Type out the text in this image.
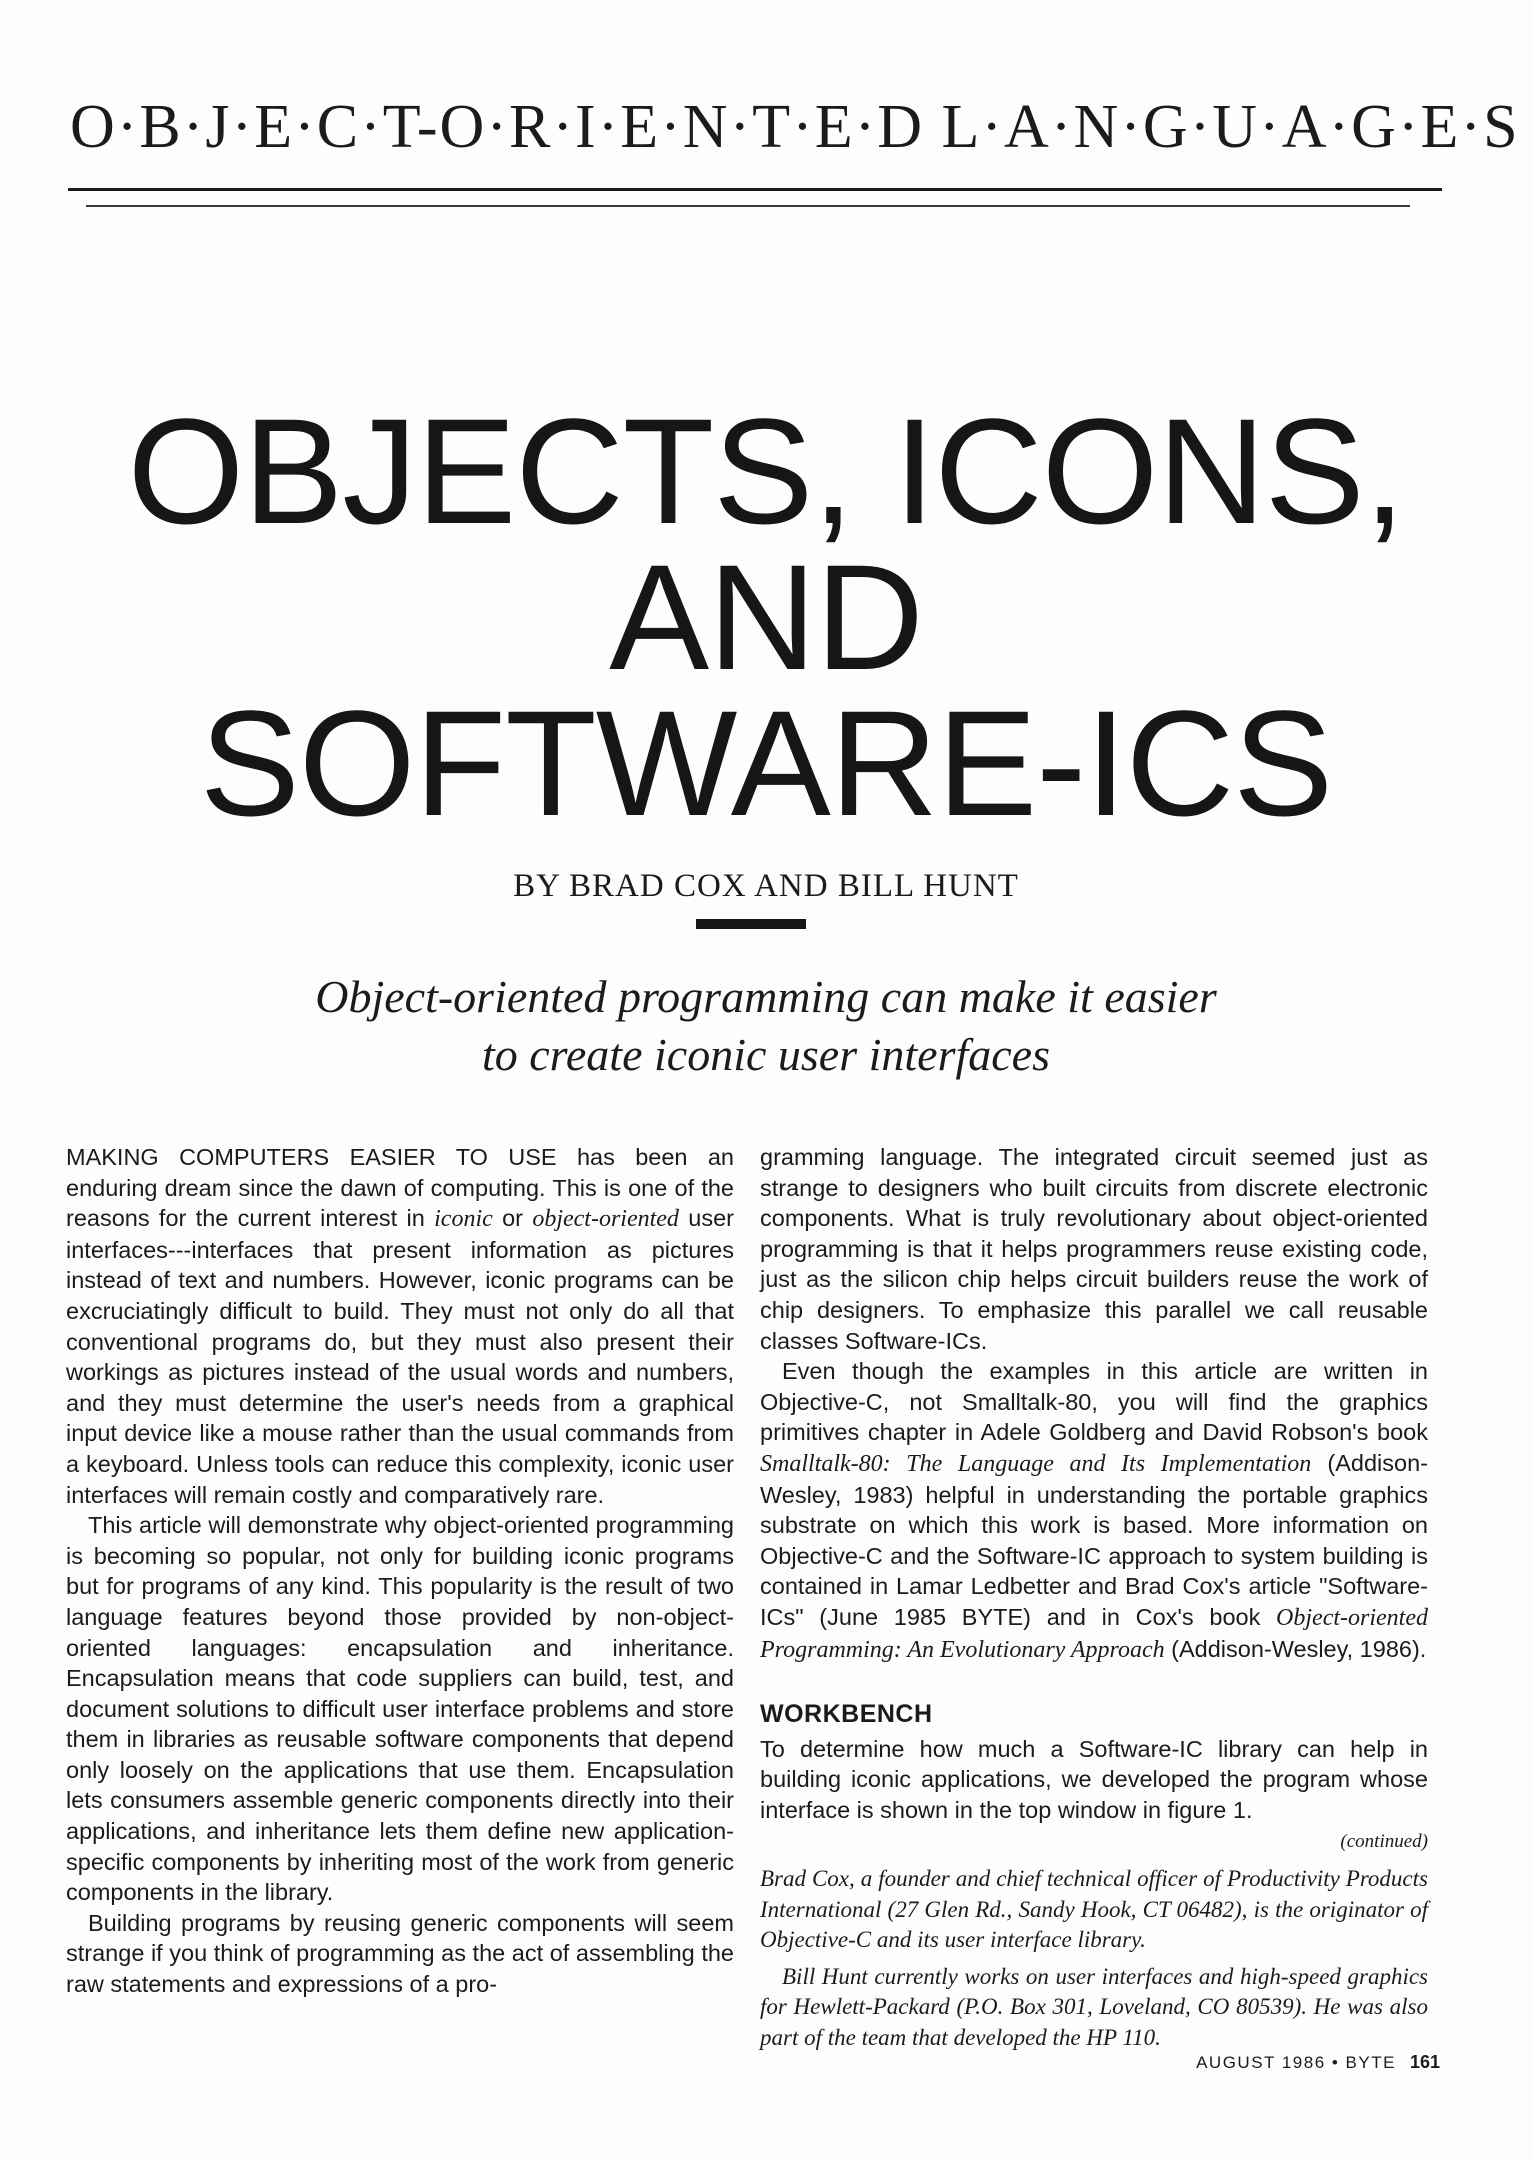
O·B·J·E·C·T-O·R·I·E·N·T·E·D L·A·N·G·U·A·G·E·S
OBJECTS, ICONS,
AND
SOFTWARE-ICS
BY BRAD COX AND BILL HUNT
Object-oriented programming can make it easier
to create iconic user interfaces

MAKING COMPUTERS EASIER TO USE has been an enduring dream since the dawn of computing. This is one of the reasons for the current interest in iconic or object-oriented user interfaces---interfaces that present information as pictures instead of text and numbers. However, iconic programs can be excruciatingly difficult to build. They must not only do all that conventional programs do, but they must also present their workings as pictures instead of the usual words and numbers, and they must determine the user's needs from a graphical input device like a mouse rather than the usual commands from a keyboard. Unless tools can reduce this complexity, iconic user interfaces will remain costly and comparatively rare.

This article will demonstrate why object-oriented programming is becoming so popular, not only for building iconic programs but for programs of any kind. This popularity is the result of two language features beyond those provided by non-object-oriented languages: encapsulation and inheritance. Encapsulation means that code suppliers can build, test, and document solutions to difficult user interface problems and store them in libraries as reusable software components that depend only loosely on the applications that use them. Encapsulation lets consumers assemble generic components directly into their applications, and inheritance lets them define new application-specific components by inheriting most of the work from generic components in the library.

Building programs by reusing generic components will seem strange if you think of programming as the act of assembling the raw statements and expressions of a pro-

gramming language. The integrated circuit seemed just as strange to designers who built circuits from discrete electronic components. What is truly revolutionary about object-oriented programming is that it helps programmers reuse existing code, just as the silicon chip helps circuit builders reuse the work of chip designers. To emphasize this parallel we call reusable classes Software-ICs.

Even though the examples in this article are written in Objective-C, not Smalltalk-80, you will find the graphics primitives chapter in Adele Goldberg and David Robson's book Smalltalk-80: The Language and Its Implementation (Addison-Wesley, 1983) helpful in understanding the portable graphics substrate on which this work is based. More information on Objective-C and the Software-IC approach to system building is contained in Lamar Ledbetter and Brad Cox's article "Software-ICs" (June 1985 BYTE) and in Cox's book Object-oriented Programming: An Evolutionary Approach (Addison-Wesley, 1986).

WORKBENCH

To determine how much a Software-IC library can help in building iconic applications, we developed the program whose interface is shown in the top window in figure 1.

(continued)

Brad Cox, a founder and chief technical officer of Productivity Products International (27 Glen Rd., Sandy Hook, CT 06482), is the originator of Objective-C and its user interface library.

Bill Hunt currently works on user interfaces and high-speed graphics for Hewlett-Packard (P.O. Box 301, Loveland, CO 80539). He was also part of the team that developed the HP 110.

AUGUST 1986 • BYTE 161
